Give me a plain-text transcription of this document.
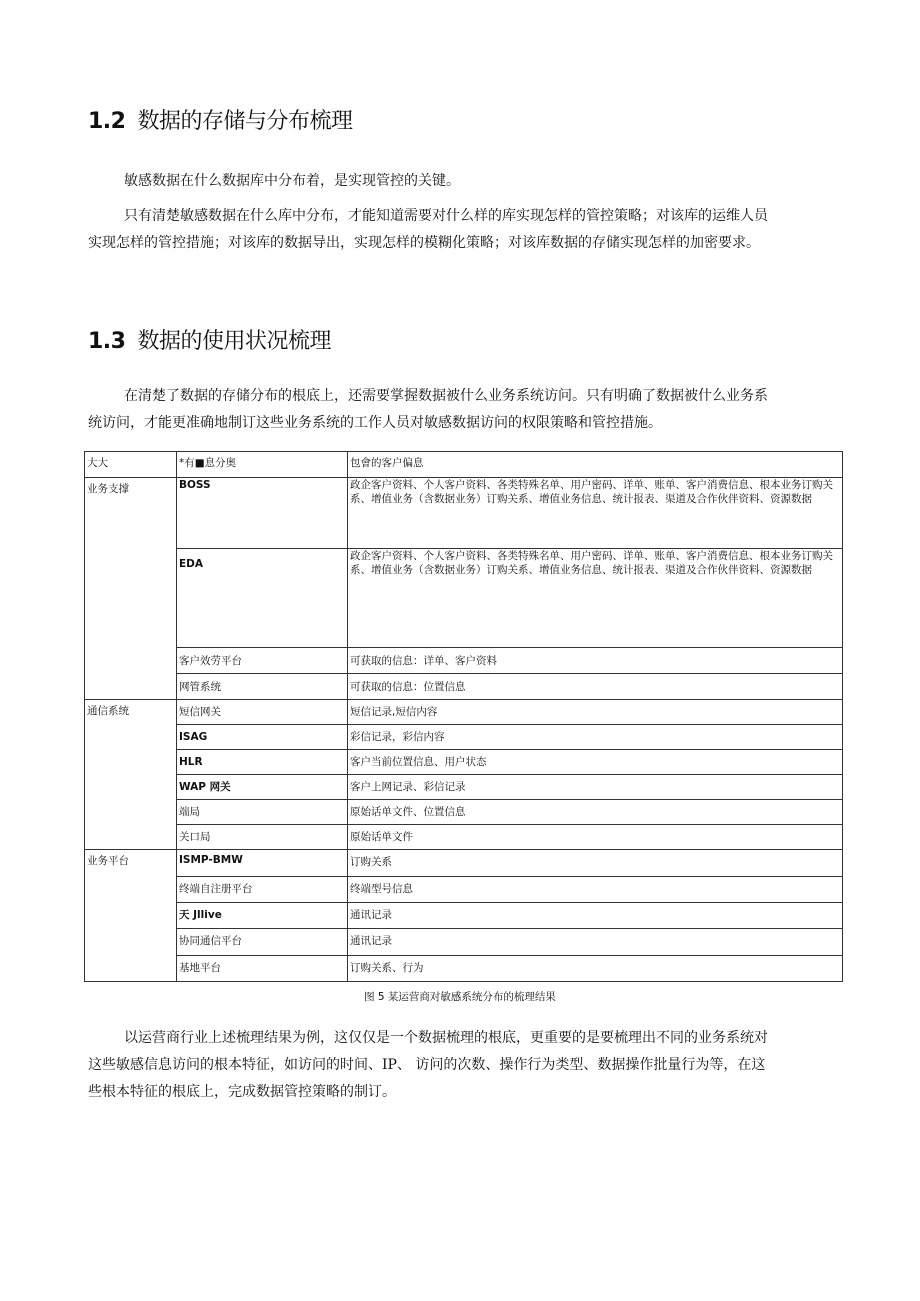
1.2 数据的存储与分布梳理

敏感数据在什么数据库中分布着，是实现管控的关键。

只有清楚敏感数据在什么库中分布，才能知道需要对什么样的库实现怎样的管控策略；对该库的运维人员
实现怎样的管控措施；对该库的数据导出，实现怎样的模糊化策略；对该库数据的存储实现怎样的加密要求。

1.3 数据的使用状况梳理

在清楚了数据的存储分布的根底上，还需要掌握数据被什么业务系统访问。只有明确了数据被什么业务系
统访问，才能更准确地制订这些业务系统的工作人员对敏感数据访问的权限策略和管控措施。

大大	*有■息分奥	包會的客户偏息
业务支撑	BOSS	政企客户资料、个人客户资料、各类特殊名单、用户密码、详单、账单、客户消费信息、根本业务订购关
系、增值业务（含数据业务）订购关系、增值业务信息、统计报表、渠道及合作伙伴资料、资源数据

	EDA	政企客户资料、个人客户资料、各类特殊名单、用户密码、详单、账单、客户消费信息、根本业务订购关
系、增值业务（含数据业务）订购关系、增值业务信息、统计报表、渠道及合作伙伴资料、资源数据

	客户效劳平台	可获取的信息：详单、客户资料
	网管系统	可获取的信息：位置信息
通信系统	短信网关	短信记录,短信内容
	ISAG	彩信记录，彩信内容
	HLR	客户当前位置信息、用户状态
	WAP 网关	客户上网记录、彩信记录
	端局	原始话单文件、位置信息
	关口局	原始话单文件
业务平台	ISMP-BMW	订购关系
	终端自注册平台	终端型号信息
	天 Jllive	通讯记录
	协同通信平台	通讯记录
	基地平台	订购关系、行为
图 5 某运营商对敏感系统分布的梳理结果

以运营商行业上述梳理结果为例，这仅仅是一个数据梳理的根底，更重要的是要梳理出不同的业务系统对
这些敏感信息访问的根本特征，如访问的时间、IP、 访问的次数、操作行为类型、数据操作批量行为等，在这
些根本特征的根底上，完成数据管控策略的制订。
